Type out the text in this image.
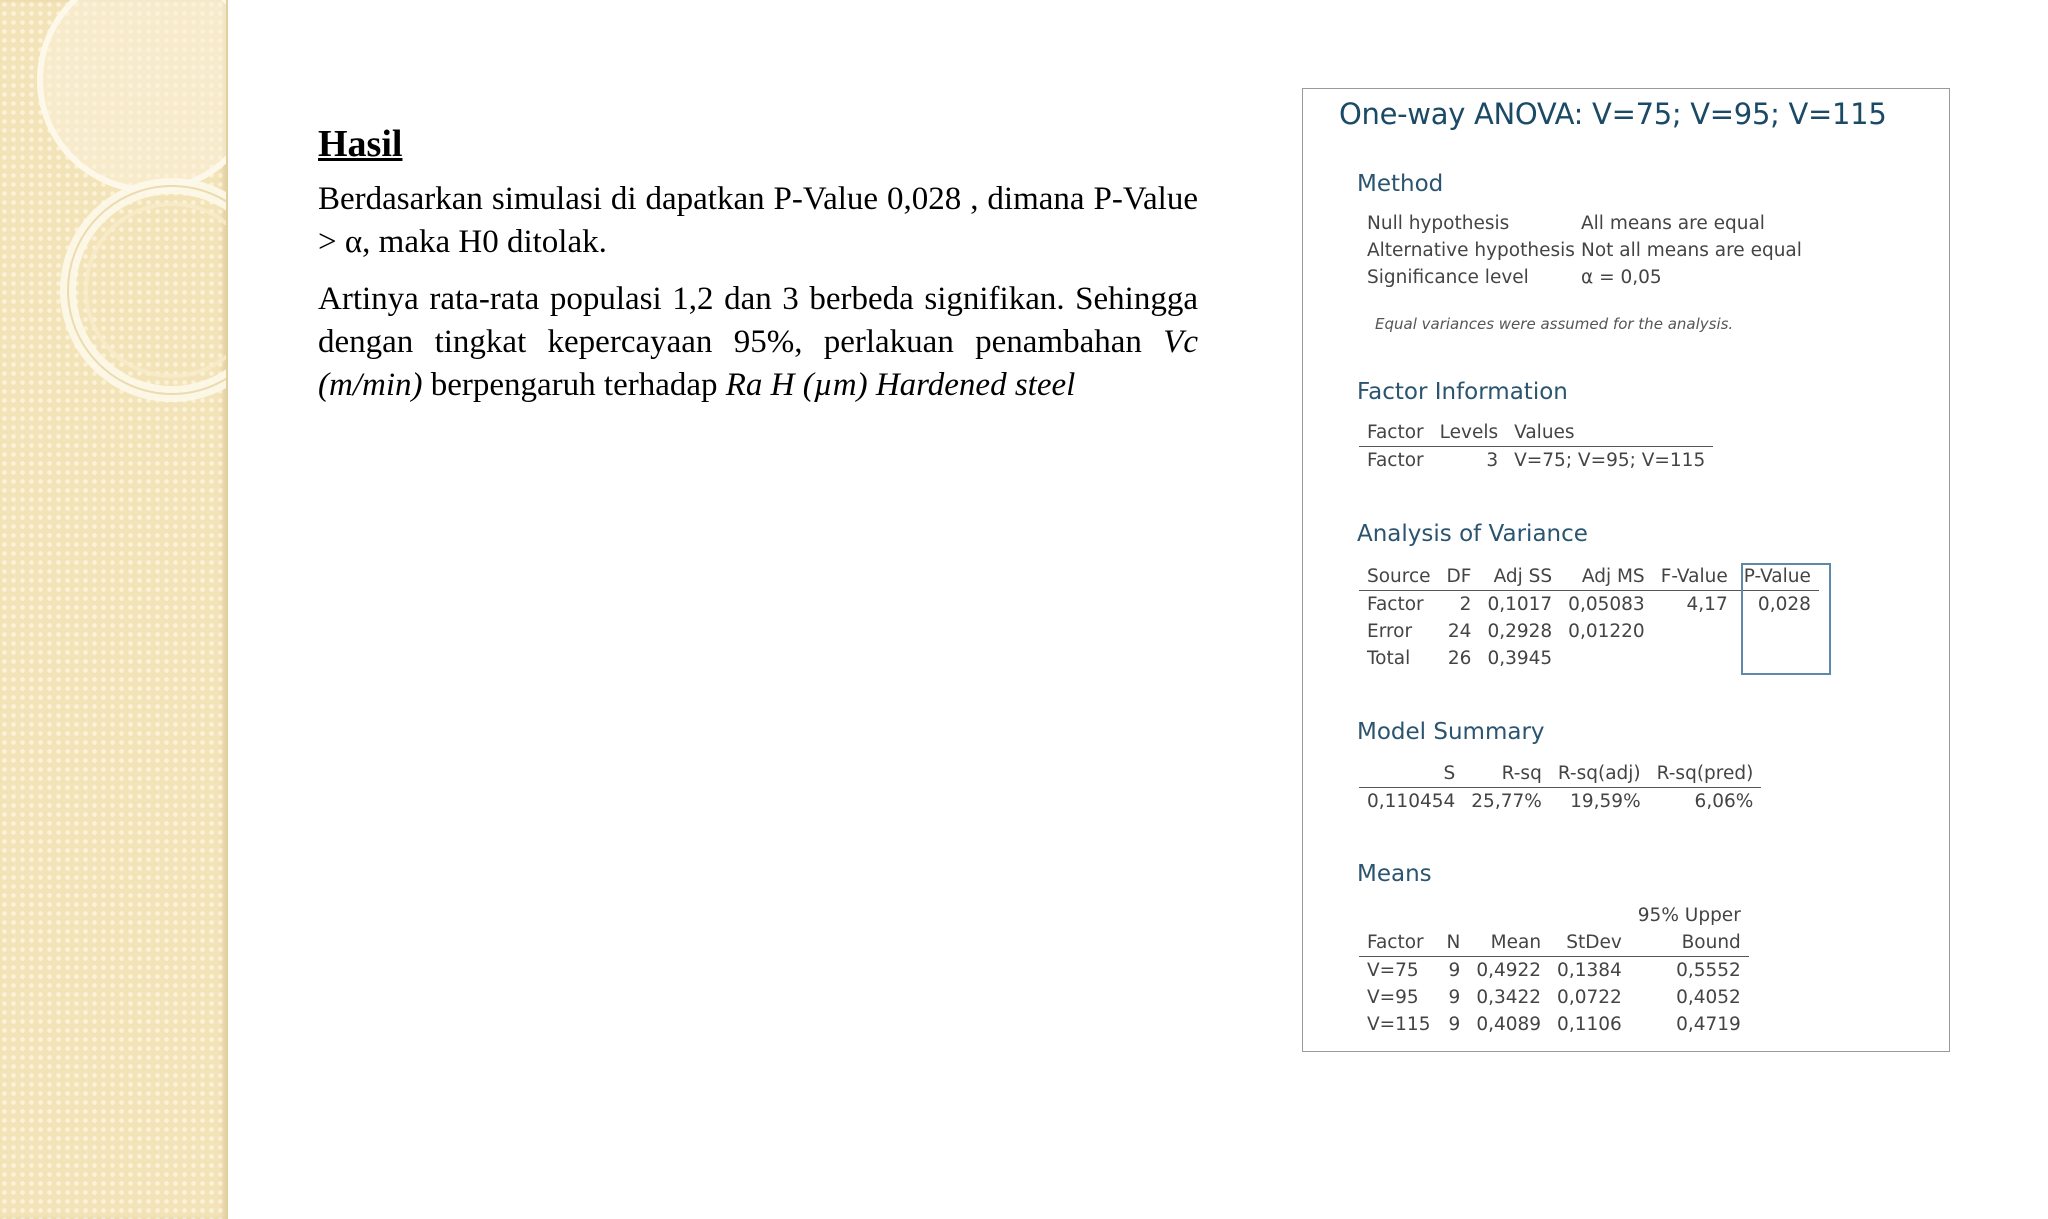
Hasil

Berdasarkan simulasi di dapatkan P-Value 0,028 , dimana P-Value > α, maka H0 ditolak.

Artinya rata-rata populasi 1,2 dan 3 berbeda signifikan. Sehingga dengan tingkat kepercayaan 95%, perlakuan penambahan Vc (m/min) berpengaruh terhadap Ra H (µm) Hardened steel

One-way ANOVA: V=75; V=95; V=115
Method
Null hypothesis	All means are equal
Alternative hypothesis Not all means are equal
Significance level	α = 0,05
Equal variances were assumed for the analysis.
Factor Information
Factor	Levels	Values
Factor	3	V=75; V=95; V=115
Analysis of Variance
Source	DF	Adj SS	Adj MS	F-Value	P-Value
Factor	2	0,1017	0,05083	4,17	0,028
Error	24	0,2928	0,01220		
Total	26	0,3945			
Model Summary
S	R-sq	R-sq(adj)	R-sq(pred)
0,110454	25,77%	19,59%	6,06%
Means
				95% Upper
Factor	N	Mean	StDev	Bound
V=75	9	0,4922	0,1384	0,5552
V=95	9	0,3422	0,0722	0,4052
V=115	9	0,4089	0,1106	0,4719
